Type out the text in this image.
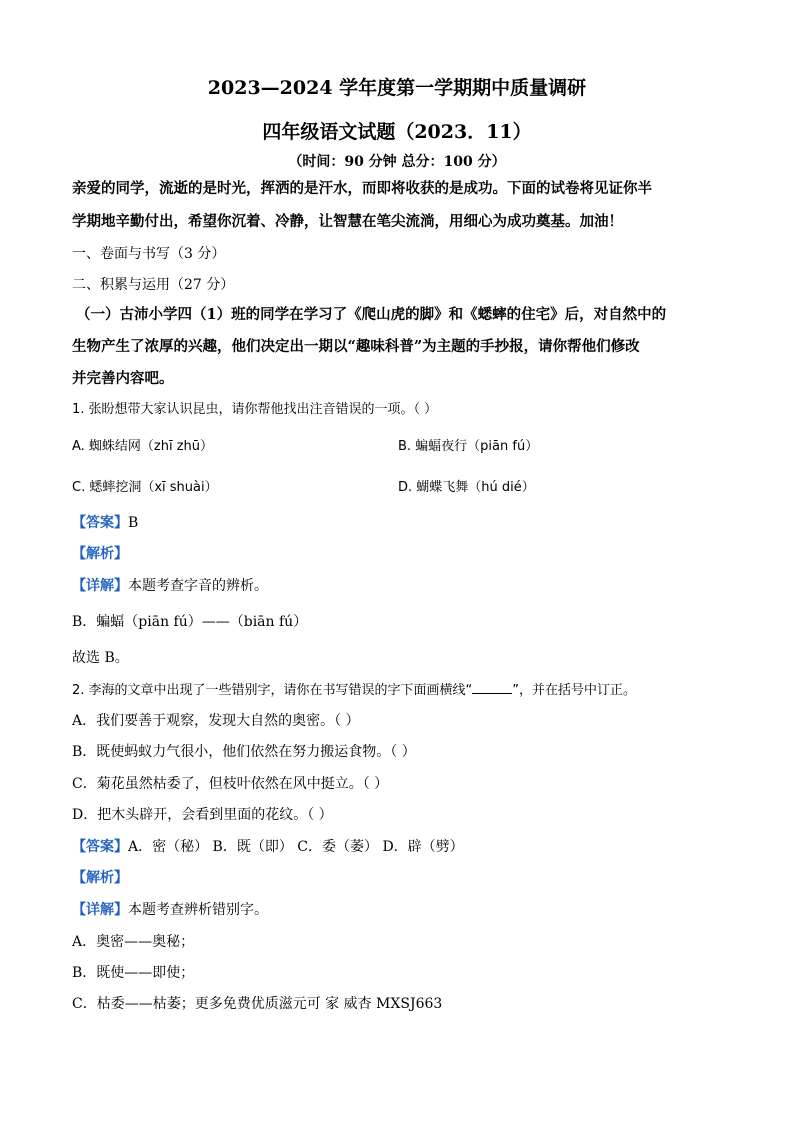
2023—2024 学年度第一学期期中质量调研
四年级语文试题（2023．11）
（时间：90 分钟 总分：100 分）
亲爱的同学，流逝的是时光，挥洒的是汗水，而即将收获的是成功。下面的试卷将见证你半
学期地辛勤付出，希望你沉着、冷静，让智慧在笔尖流淌，用细心为成功奠基。加油！
一、卷面与书写（3 分）
二、积累与运用（27 分）
（一）古沛小学四（1）班的同学在学习了《爬山虎的脚》和《蟋蟀的住宅》后，对自然中的
生物产生了浓厚的兴趣，他们决定出一期以“趣味科普”为主题的手抄报，请你帮他们修改
并完善内容吧。
1. 张盼想带大家认识昆虫，请你帮他找出注音错误的一项。（ ）
A. 蜘蛛结网（zhī zhū）	B. 蝙蝠夜行（piān fú）
C. 蟋蟀挖洞（xī shuài）	D. 蝴蝶飞舞（hú dié）
【答案】B
【解析】
【详解】本题考查字音的辨析。
B．蝙蝠（piān fú）——（biān fú）
故选 B。
2. 李海的文章中出现了一些错别字，请你在书写错误的字下面画横线“	”，并在括号中订正。
A．我们要善于观察，发现大自然的奥密。（ ）
B．既使蚂蚁力气很小，他们依然在努力搬运食物。（ ）
C．菊花虽然枯委了，但枝叶依然在风中挺立。（ ）
D．把木头辟开，会看到里面的花纹。（ ）
【答案】A．密（秘） B．既（即） C．委（萎） D．辟（劈）
【解析】
【详解】本题考查辨析错别字。
A．奥密——奥秘；
B．既使——即使；
C．枯委——枯萎；更多免费优质滋元可 家 威杏 MXSJ663
